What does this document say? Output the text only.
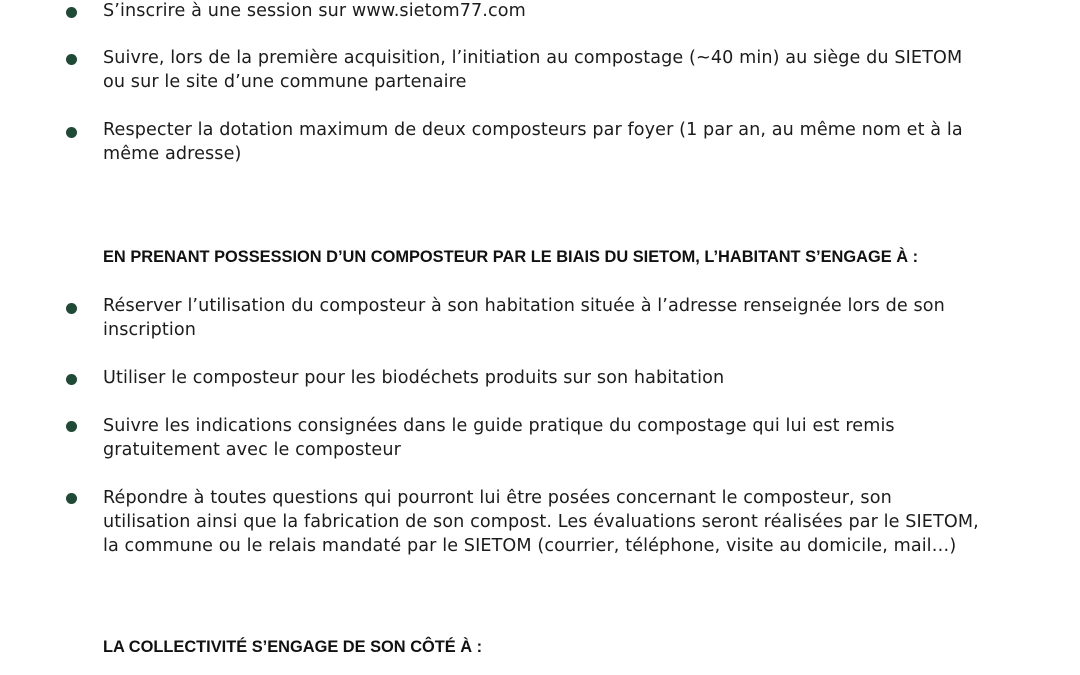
S’inscrire à une session sur www.sietom77.com

Suivre, lors de la première acquisition, l’initiation au compostage (~40 min) au siège du SIETOM ou sur le site d’une commune partenaire

Respecter la dotation maximum de deux composteurs par foyer (1 par an, au même nom et à la même adresse)

EN PRENANT POSSESSION D’UN COMPOSTEUR PAR LE BIAIS DU SIETOM, L’HABITANT S’ENGAGE À :

Réserver l’utilisation du composteur à son habitation située à l’adresse renseignée lors de son inscription

Utiliser le composteur pour les biodéchets produits sur son habitation

Suivre les indications consignées dans le guide pratique du compostage qui lui est remis gratuitement avec le composteur

Répondre à toutes questions qui pourront lui être posées concernant le composteur, son utilisation ainsi que la fabrication de son compost. Les évaluations seront réalisées par le SIETOM, la commune ou le relais mandaté par le SIETOM (courrier, téléphone, visite au domicile, mail…)

LA COLLECTIVITÉ S’ENGAGE DE SON CÔTÉ À :
